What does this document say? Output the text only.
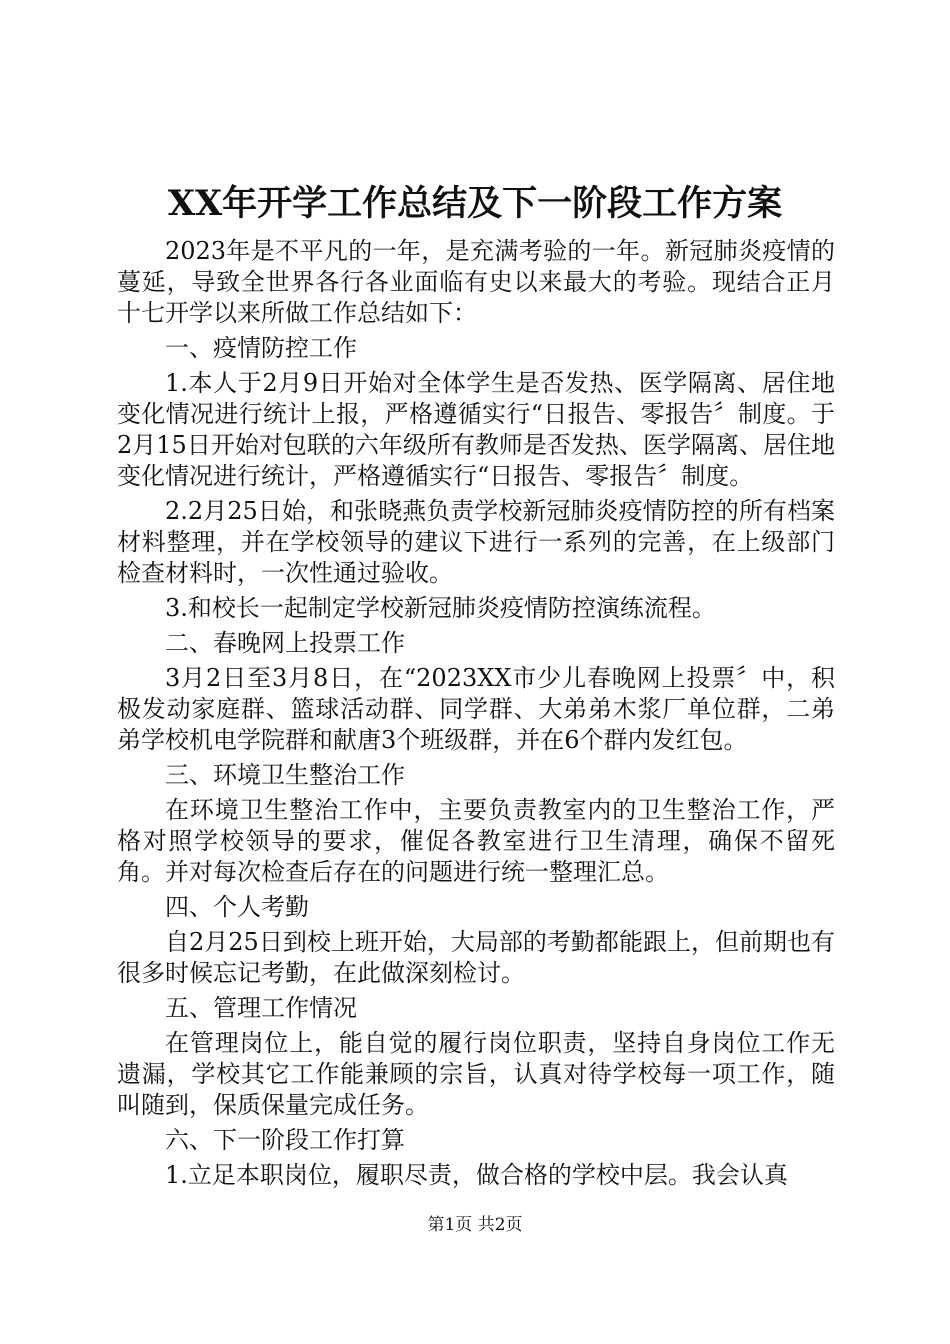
XX年开学工作总结及下一阶段工作方案

2023年是不平凡的一年，是充满考验的一年。新冠肺炎疫情的蔓延，导致全世界各行各业面临有史以来最大的考验。现结合正月十七开学以来所做工作总结如下：

一、疫情防控工作

1.本人于2月9日开始对全体学生是否发热、医学隔离、居住地变化情况进行统计上报，严格遵循实行“日报告、零报告〞制度。于2月15日开始对包联的六年级所有教师是否发热、医学隔离、居住地变化情况进行统计，严格遵循实行“日报告、零报告〞制度。

2.2月25日始，和张晓燕负责学校新冠肺炎疫情防控的所有档案材料整理，并在学校领导的建议下进行一系列的完善，在上级部门检查材料时，一次性通过验收。

3.和校长一起制定学校新冠肺炎疫情防控演练流程。

二、春晚网上投票工作

3月2日至3月8日，在“2023XX市少儿春晚网上投票〞中，积极发动家庭群、篮球活动群、同学群、大弟弟木浆厂单位群，二弟弟学校机电学院群和献唐3个班级群，并在6个群内发红包。

三、环境卫生整治工作

在环境卫生整治工作中，主要负责教室内的卫生整治工作，严格对照学校领导的要求，催促各教室进行卫生清理，确保不留死角。并对每次检查后存在的问题进行统一整理汇总。

四、个人考勤

自2月25日到校上班开始，大局部的考勤都能跟上，但前期也有很多时候忘记考勤，在此做深刻检讨。

五、管理工作情况

在管理岗位上，能自觉的履行岗位职责，坚持自身岗位工作无遗漏，学校其它工作能兼顾的宗旨，认真对待学校每一项工作，随叫随到，保质保量完成任务。

六、下一阶段工作打算

1.立足本职岗位，履职尽责，做合格的学校中层。我会认真

第1页 共2页
